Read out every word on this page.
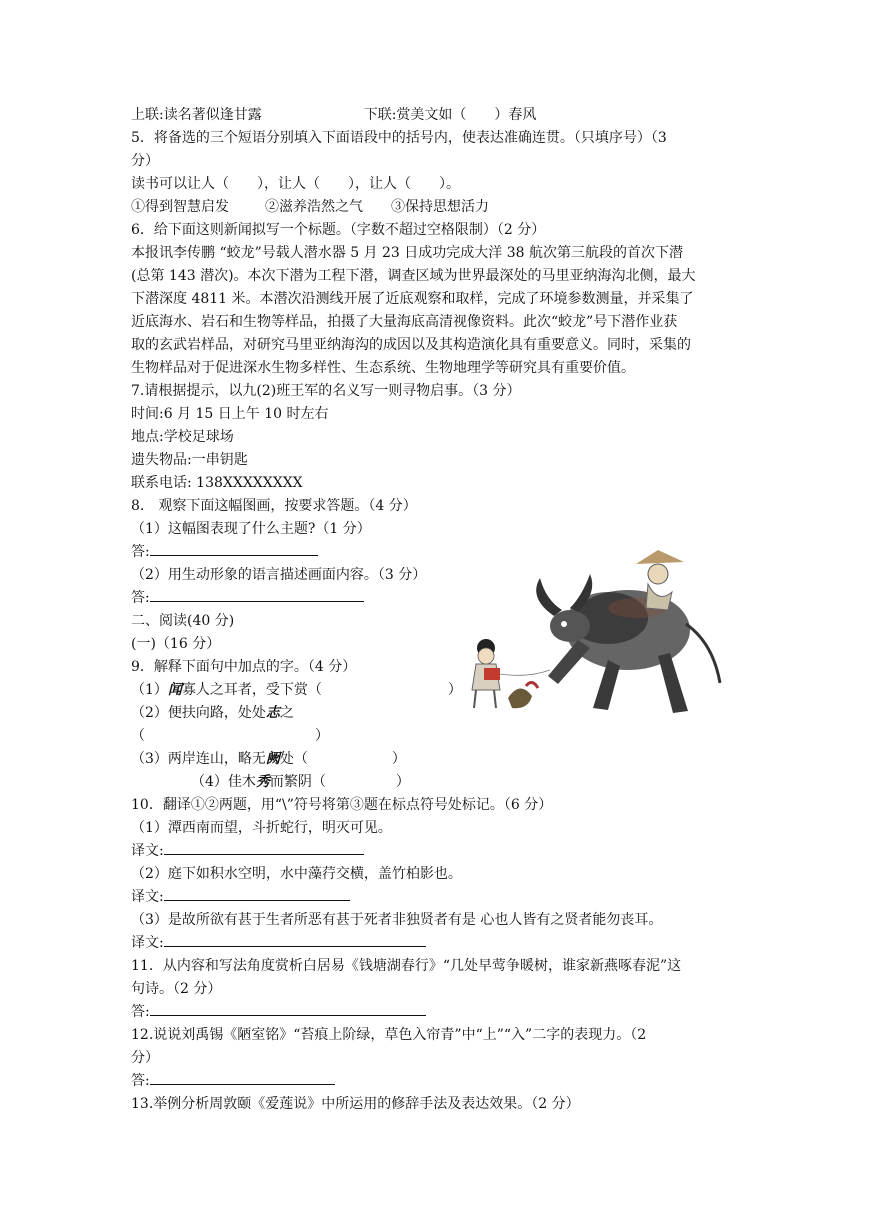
上联:读名著似逢甘露	下联:赏美文如（　　）春风
5．将备选的三个短语分别填入下面语段中的括号内，使表达准确连贯。（只填序号）（3
分）
读书可以让人（　　），让人（　　），让人（　　）。
①得到智慧启发	②滋养浩然之气 ③保持思想活力
6．给下面这则新闻拟写一个标题。（字数不超过空格限制）（2 分）
本报讯李传鹏 “蛟龙”号载人潜水器 5 月 23 日成功完成大洋 38 航次第三航段的首次下潜
(总第 143 潜次)。本次下潜为工程下潜，调查区域为世界最深处的马里亚纳海沟北侧，最大
下潜深度 4811 米。本潜次沿测线开展了近底观察和取样，完成了环境参数测量，并采集了
近底海水、岩石和生物等样品，拍摄了大量海底高清视像资料。此次“蛟龙”号下潜作业获
取的玄武岩样品，对研究马里亚纳海沟的成因以及其构造演化具有重要意义。同时，采集的
生物样品对于促进深水生物多样性、生态系统、生物地理学等研究具有重要价值。
7.请根据提示，以九(2)班王军的名义写一则寻物启事。（3 分）
时间:6 月 15 日上午 10 时左右
地点:学校足球场
遗失物品:一串钥匙
联系电话: 138XXXXXXXX
8.　观察下面这幅图画，按要求答题。（4 分）
（1）这幅图表现了什么主题?（1 分）
答:
（2）用生动形象的语言描述画面内容。（3 分）
答:
二、阅读(40 分)
(一)（16 分）
9．解释下面句中加点的字。（4 分）
（1）闻寡人之耳者，受下赏（	）
（2）便扶向路，处处志之
（	）
（3）两岸连山，略无阙处（	）
（4）佳木秀而繁阴（	）
10．翻译①②两题，用“\”符号将第③题在标点符号处标记。（6 分）
（1）潭西南而望，斗折蛇行，明灭可见。
译文:
（2）庭下如积水空明，水中藻荇交横，盖竹柏影也。
译文:
（3）是故所欲有甚于生者所恶有甚于死者非独贤者有是 心也人皆有之贤者能勿丧耳。
译文:
11．从内容和写法角度赏析白居易《钱塘湖春行》“几处早莺争暖树，谁家新燕啄春泥”这
句诗。（2 分）
答:
12.说说刘禹锡《陋室铭》“苔痕上阶绿，草色入帘青”中“上”“入”二字的表现力。（2
分）
答:
13.举例分析周敦颐《爱莲说》中所运用的修辞手法及表达效果。（2 分）
